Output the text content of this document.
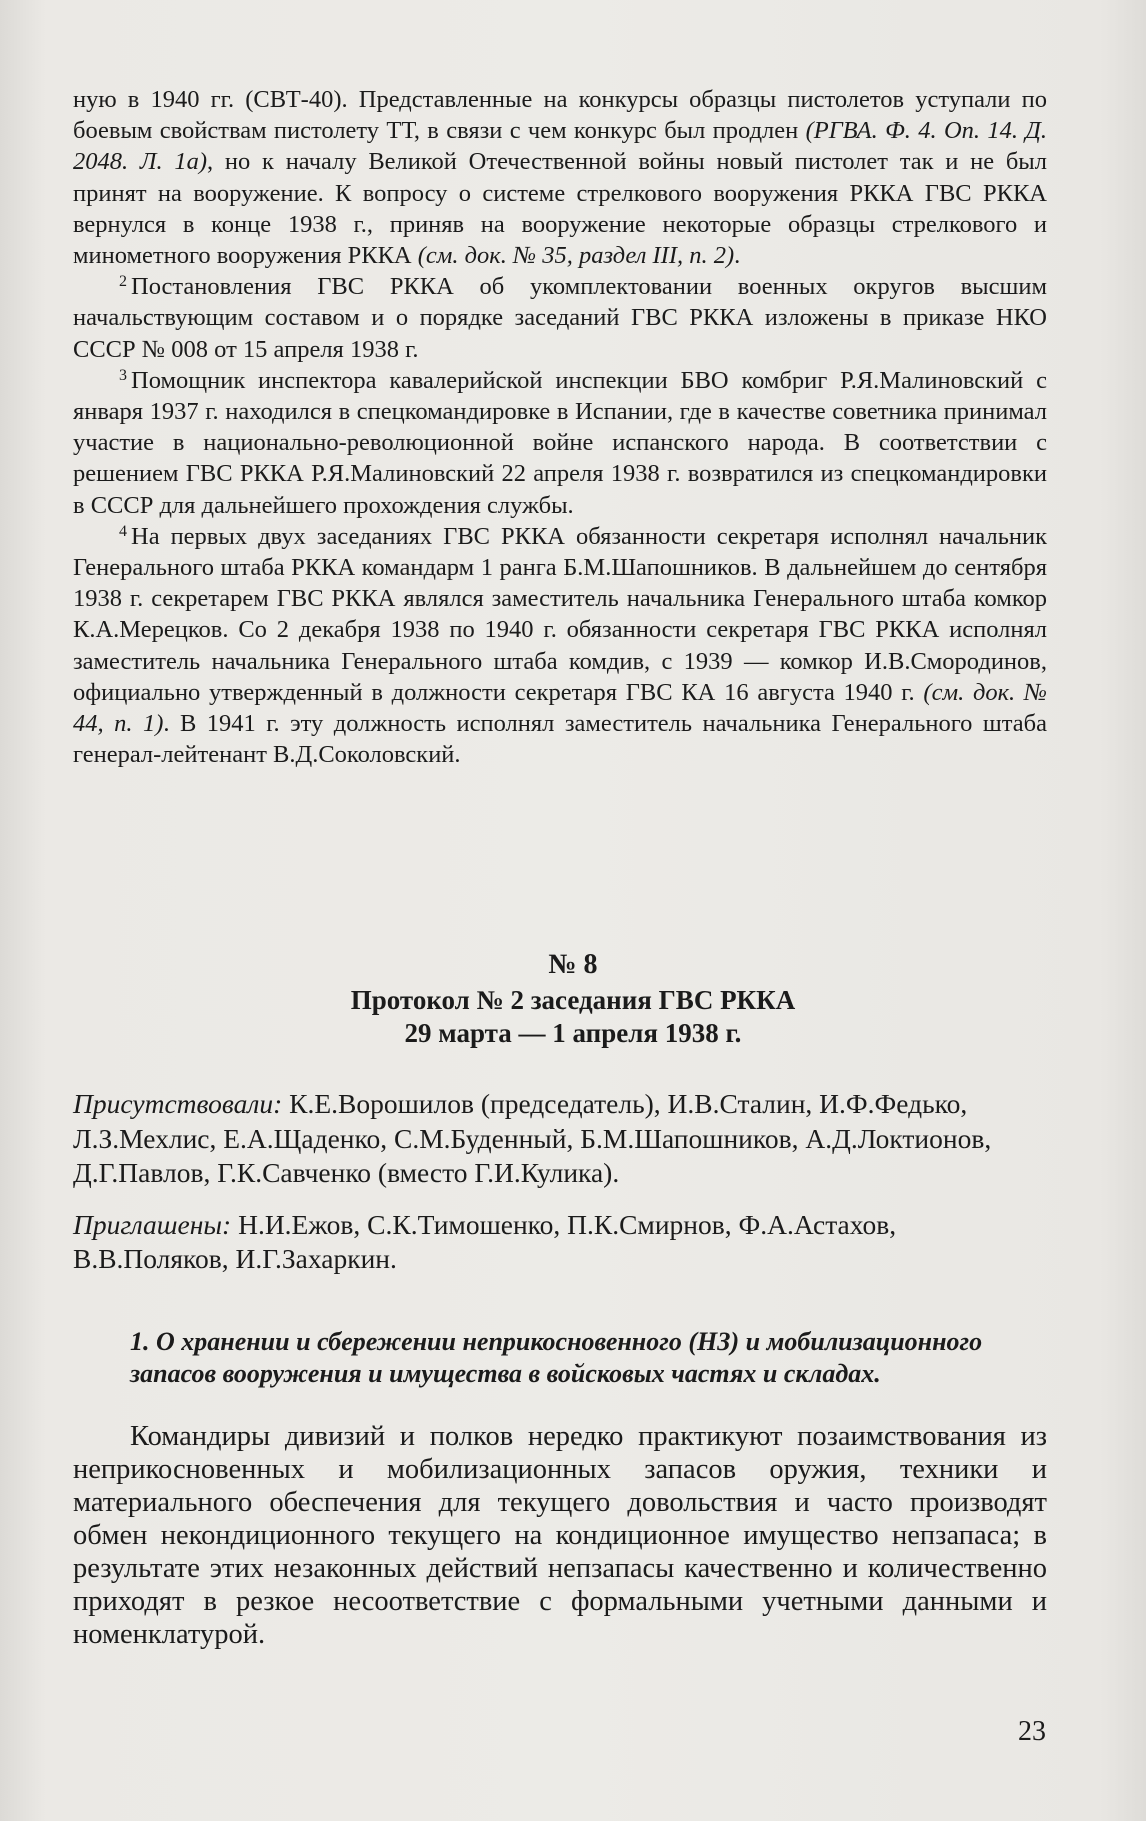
ную в 1940 гг. (СВТ-40). Представленные на конкурсы образцы пистолетов уступали по боевым свойствам пистолету ТТ, в связи с чем конкурс был продлен (РГВА. Ф. 4. Оп. 14. Д. 2048. Л. 1а), но к началу Великой Отечественной войны новый пистолет так и не был принят на вооружение. К вопросу о системе стрелкового вооружения РККА ГВС РККА вернулся в конце 1938 г., приняв на вооружение некоторые образцы стрелкового и минометного вооружения РККА (см. док. № 35, раздел III, п. 2).

$^2$ Постановления ГВС РККА об укомплектовании военных округов высшим начальствующим составом и о порядке заседаний ГВС РККА изложены в приказе НКО СССР № 008 от 15 апреля 1938 г.

$^3$ Помощник инспектора кавалерийской инспекции БВО комбриг Р.Я.Малиновский с января 1937 г. находился в спецкомандировке в Испании, где в качестве советника принимал участие в национально-революционной войне испанского народа. В соответствии с решением ГВС РККА Р.Я.Малиновский 22 апреля 1938 г. возвратился из спецкомандировки в СССР для дальнейшего прохождения службы.

$^4$ На первых двух заседаниях ГВС РККА обязанности секретаря исполнял начальник Генерального штаба РККА командарм 1 ранга Б.М.Шапошников. В дальнейшем до сентября 1938 г. секретарем ГВС РККА являлся заместитель начальника Генерального штаба комкор К.А.Мерецков. Со 2 декабря 1938 по 1940 г. обязанности секретаря ГВС РККА исполнял заместитель начальника Генерального штаба комдив, с 1939 — комкор И.В.Смородинов, официально утвержденный в должности секретаря ГВС КА 16 августа 1940 г. (см. док. № 44, п. 1). В 1941 г. эту должность исполнял заместитель начальника Генерального штаба генерал-лейтенант В.Д.Соколовский.

№ 8
Протокол № 2 заседания ГВС РККА
29 марта — 1 апреля 1938 г.

Присутствовали: К.Е.Ворошилов (председатель), И.В.Сталин, И.Ф.Федько, Л.З.Мехлис, Е.А.Щаденко, С.М.Буденный, Б.М.Шапошников, А.Д.Локтионов, Д.Г.Павлов, Г.К.Савченко (вместо Г.И.Кулика).

Приглашены: Н.И.Ежов, С.К.Тимошенко, П.К.Смирнов, Ф.А.Астахов, В.В.Поляков, И.Г.Захаркин.

1. О хранении и сбережении неприкосновенного (НЗ) и мобилизационного запасов вооружения и имущества в войсковых частях и складах.

Командиры дивизий и полков нередко практикуют позаимствования из неприкосновенных и мобилизационных запасов оружия, техники и материального обеспечения для текущего довольствия и часто производят обмен некондиционного текущего на кондиционное имущество непзапаса; в результате этих незаконных действий непзапасы качественно и количественно приходят в резкое несоответствие с формальными учетными данными и номенклатурой.

23
